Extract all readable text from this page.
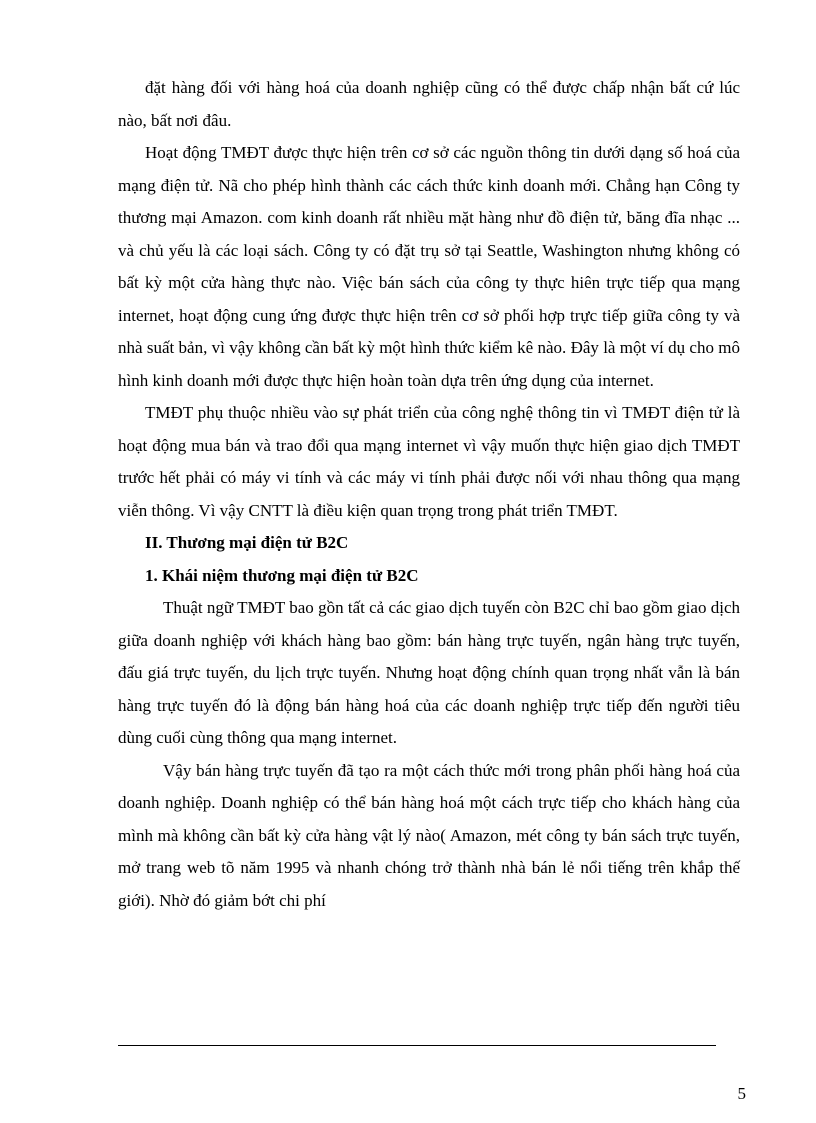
đặt hàng đối với hàng hoá của doanh nghiệp cũng có thể được chấp nhận bất cứ lúc nào, bất nơi đâu.

Hoạt động TMĐT được thực hiện trên cơ sở các nguồn thông tin dưới dạng số hoá của mạng điện tử. Nã cho phép hình thành các cách thức kinh doanh mới. Chẳng hạn Công ty thương mại Amazon. com kinh doanh rất nhiều mặt hàng như đồ điện tử, băng đĩa nhạc ... và chủ yếu là các loại sách. Công ty có đặt trụ sở tại Seattle, Washington nhưng không có bất kỳ một cửa hàng thực nào. Việc bán sách của công ty thực hiên trực tiếp qua mạng internet, hoạt động cung ứng được thực hiện trên cơ sở phối hợp trực tiếp giữa công ty và nhà suất bản, vì vậy không cần bất kỳ một hình thức kiểm kê nào. Đây là một ví dụ cho mô hình kinh doanh mới được thực hiện hoàn toàn dựa trên ứng dụng của internet.

TMĐT phụ thuộc nhiều vào sự phát triển của công nghệ thông tin vì TMĐT điện tử là hoạt động mua bán và trao đổi qua mạng internet vì vậy muốn thực hiện giao dịch TMĐT trước hết phải có máy vi tính và các máy vi tính phải được nối với nhau thông qua mạng viễn thông. Vì vậy CNTT là điều kiện quan trọng trong phát triển TMĐT.

II. Thương mại điện tử B2C
1. Khái niệm thương mại điện tử B2C

Thuật ngữ TMĐT bao gồn tất cả các giao dịch tuyến còn B2C chỉ bao gồm giao dịch giữa doanh nghiệp với khách hàng bao gồm: bán hàng trực tuyến, ngân hàng trực tuyến, đấu giá trực tuyến, du lịch trực tuyến. Nhưng hoạt động chính quan trọng nhất vẫn là bán hàng trực tuyến đó là động bán hàng hoá của các doanh nghiệp trực tiếp đến người tiêu dùng cuối cùng thông qua mạng internet.

Vậy bán hàng trực tuyến đã tạo ra một cách thức mới trong phân phối hàng hoá của doanh nghiệp. Doanh nghiệp có thể bán hàng hoá một cách trực tiếp cho khách hàng của mình mà không cần bất kỳ cửa hàng vật lý nào( Amazon, mét công ty bán sách trực tuyến, mở trang web tõ năm 1995 và nhanh chóng trở thành nhà bán lẻ nổi tiếng trên khắp thế giới). Nhờ đó giảm bớt chi phí

5
